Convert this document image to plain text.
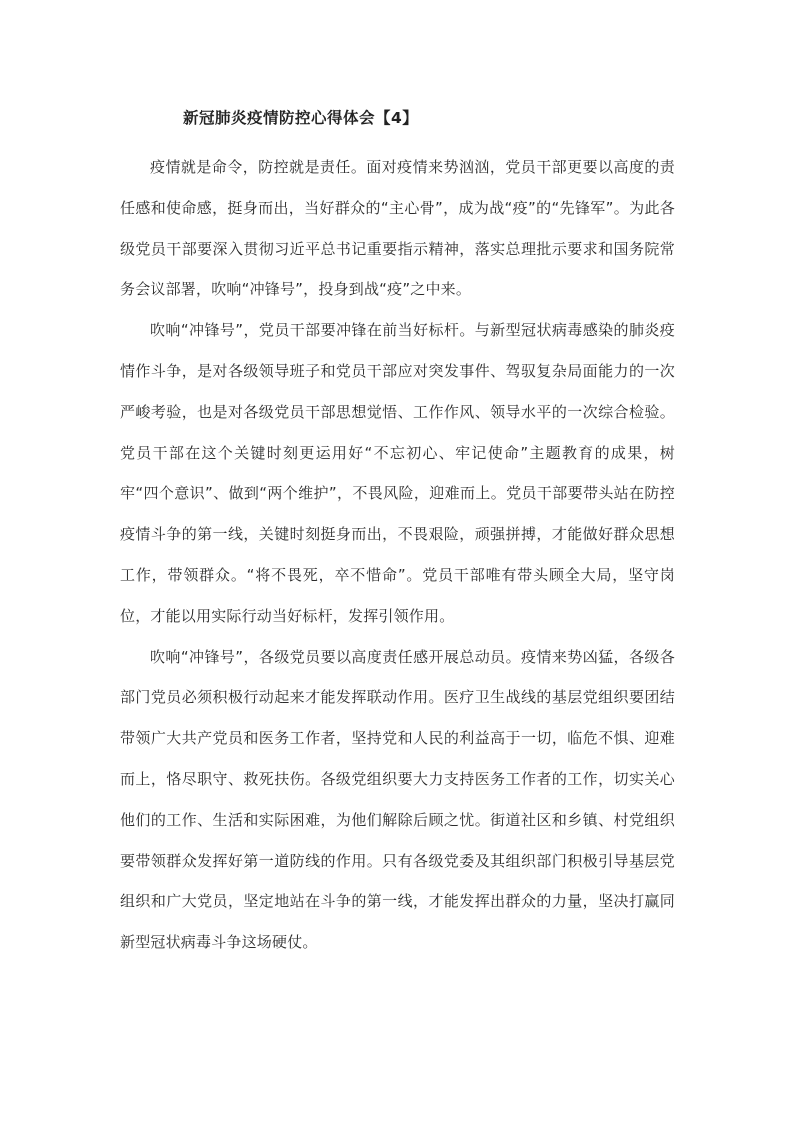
新冠肺炎疫情防控心得体会【4】

疫情就是命令，防控就是责任。面对疫情来势汹汹，党员干部更要以高度的责任感和使命感，挺身而出，当好群众的“主心骨”，成为战“疫”的“先锋军”。为此各级党员干部要深入贯彻习近平总书记重要指示精神，落实总理批示要求和国务院常务会议部署，吹响“冲锋号”，投身到战“疫”之中来。

吹响“冲锋号”，党员干部要冲锋在前当好标杆。与新型冠状病毒感染的肺炎疫情作斗争，是对各级领导班子和党员干部应对突发事件、驾驭复杂局面能力的一次严峻考验，也是对各级党员干部思想觉悟、工作作风、领导水平的一次综合检验。党员干部在这个关键时刻更运用好“不忘初心、牢记使命”主题教育的成果，树牢“四个意识”、做到“两个维护”，不畏风险，迎难而上。党员干部要带头站在防控疫情斗争的第一线，关键时刻挺身而出，不畏艰险，顽强拼搏，才能做好群众思想工作，带领群众。“将不畏死，卒不惜命”。党员干部唯有带头顾全大局，坚守岗位，才能以用实际行动当好标杆，发挥引领作用。

吹响“冲锋号”，各级党员要以高度责任感开展总动员。疫情来势凶猛，各级各部门党员必须积极行动起来才能发挥联动作用。医疗卫生战线的基层党组织要团结带领广大共产党员和医务工作者，坚持党和人民的利益高于一切，临危不惧、迎难而上，恪尽职守、救死扶伤。各级党组织要大力支持医务工作者的工作，切实关心他们的工作、生活和实际困难，为他们解除后顾之忧。街道社区和乡镇、村党组织要带领群众发挥好第一道防线的作用。只有各级党委及其组织部门积极引导基层党组织和广大党员，坚定地站在斗争的第一线，才能发挥出群众的力量，坚决打赢同新型冠状病毒斗争这场硬仗。
